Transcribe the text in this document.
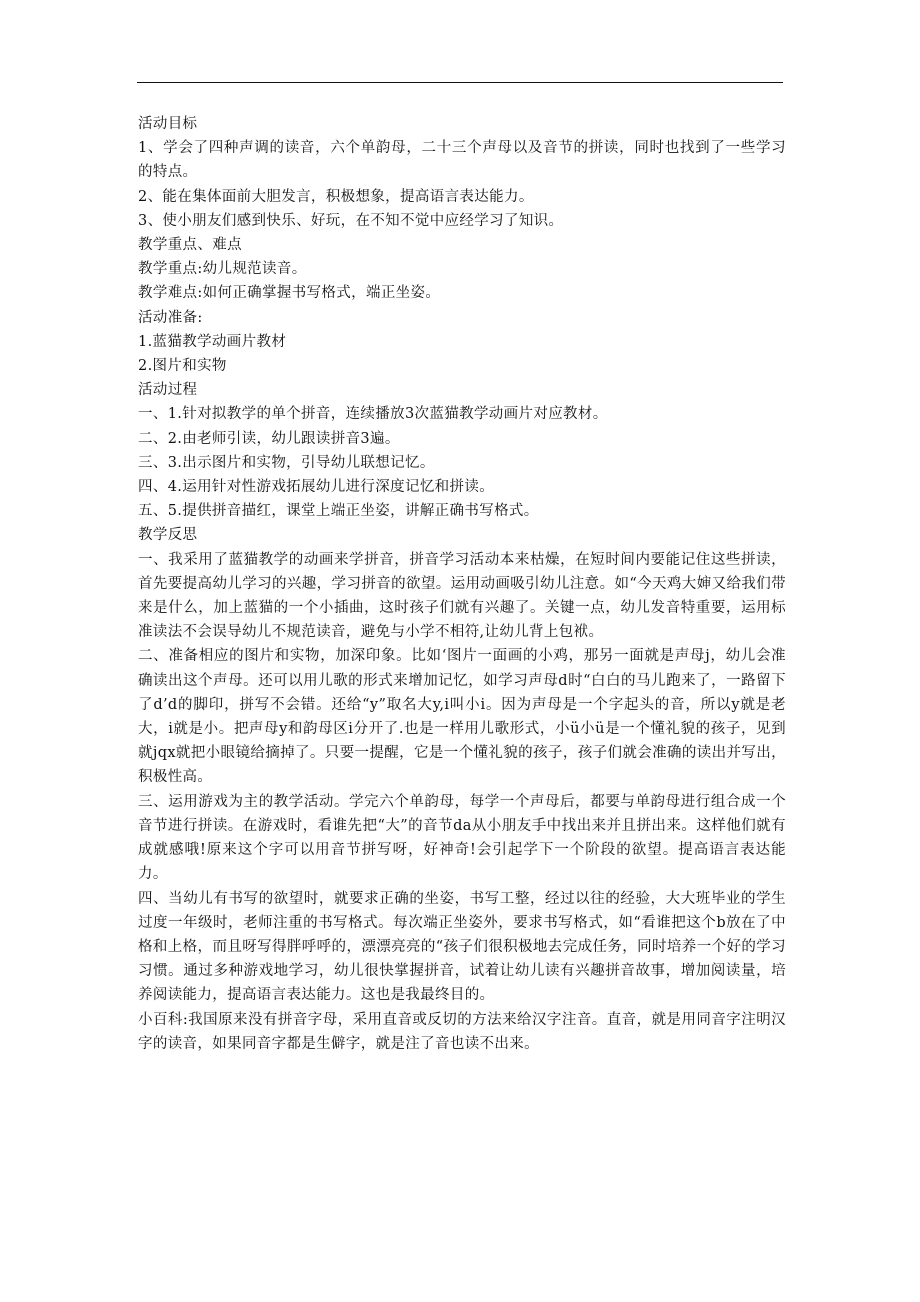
活动目标

1、学会了四种声调的读音，六个单韵母，二十三个声母以及音节的拼读，同时也找到了一些学习的特点。

2、能在集体面前大胆发言，积极想象，提高语言表达能力。

3、使小朋友们感到快乐、好玩，在不知不觉中应经学习了知识。

教学重点、难点

教学重点:幼儿规范读音。

教学难点:如何正确掌握书写格式，端正坐姿。

活动准备:

1.蓝猫教学动画片教材

2.图片和实物

活动过程

一、1.针对拟教学的单个拼音，连续播放3次蓝猫教学动画片对应教材。

二、2.由老师引读，幼儿跟读拼音3遍。

三、3.出示图片和实物，引导幼儿联想记忆。

四、4.运用针对性游戏拓展幼儿进行深度记忆和拼读。

五、5.提供拼音描红，课堂上端正坐姿，讲解正确书写格式。

教学反思

一、我采用了蓝猫教学的动画来学拼音，拼音学习活动本来枯燥，在短时间内要能记住这些拼读，首先要提高幼儿学习的兴趣，学习拼音的欲望。运用动画吸引幼儿注意。如“今天鸡大婶又给我们带来是什么，加上蓝猫的一个小插曲，这时孩子们就有兴趣了。关键一点，幼儿发音特重要，运用标准读法不会误导幼儿不规范读音，避免与小学不相符,让幼儿背上包袱。

二、准备相应的图片和实物，加深印象。比如‘图片一面画的小鸡，那另一面就是声母j，幼儿会准确读出这个声母。还可以用儿歌的形式来增加记忆，如学习声母d时“白白的马儿跑来了，一路留下了d’d的脚印，拼写不会错。还给“y”取名大y,i叫小i。因为声母是一个字起头的音，所以y就是老大，i就是小。把声母y和韵母区i分开了.也是一样用儿歌形式，小ü小ü是一个懂礼貌的孩子，见到就jqx就把小眼镜给摘掉了。只要一提醒，它是一个懂礼貌的孩子，孩子们就会准确的读出并写出，积极性高。

三、运用游戏为主的教学活动。学完六个单韵母，每学一个声母后，都要与单韵母进行组合成一个音节进行拼读。在游戏时，看谁先把“大”的音节da从小朋友手中找出来并且拼出来。这样他们就有成就感哦!原来这个字可以用音节拼写呀，好神奇!会引起学下一个阶段的欲望。提高语言表达能力。

四、当幼儿有书写的欲望时，就要求正确的坐姿，书写工整，经过以往的经验，大大班毕业的学生过度一年级时，老师注重的书写格式。每次端正坐姿外，要求书写格式，如“看谁把这个b放在了中格和上格，而且呀写得胖呼呼的，漂漂亮亮的“孩子们很积极地去完成任务，同时培养一个好的学习习惯。通过多种游戏地学习，幼儿很快掌握拼音，试着让幼儿读有兴趣拼音故事，增加阅读量，培养阅读能力，提高语言表达能力。这也是我最终目的。

小百科:我国原来没有拼音字母，采用直音或反切的方法来给汉字注音。直音，就是用同音字注明汉字的读音，如果同音字都是生僻字，就是注了音也读不出来。
